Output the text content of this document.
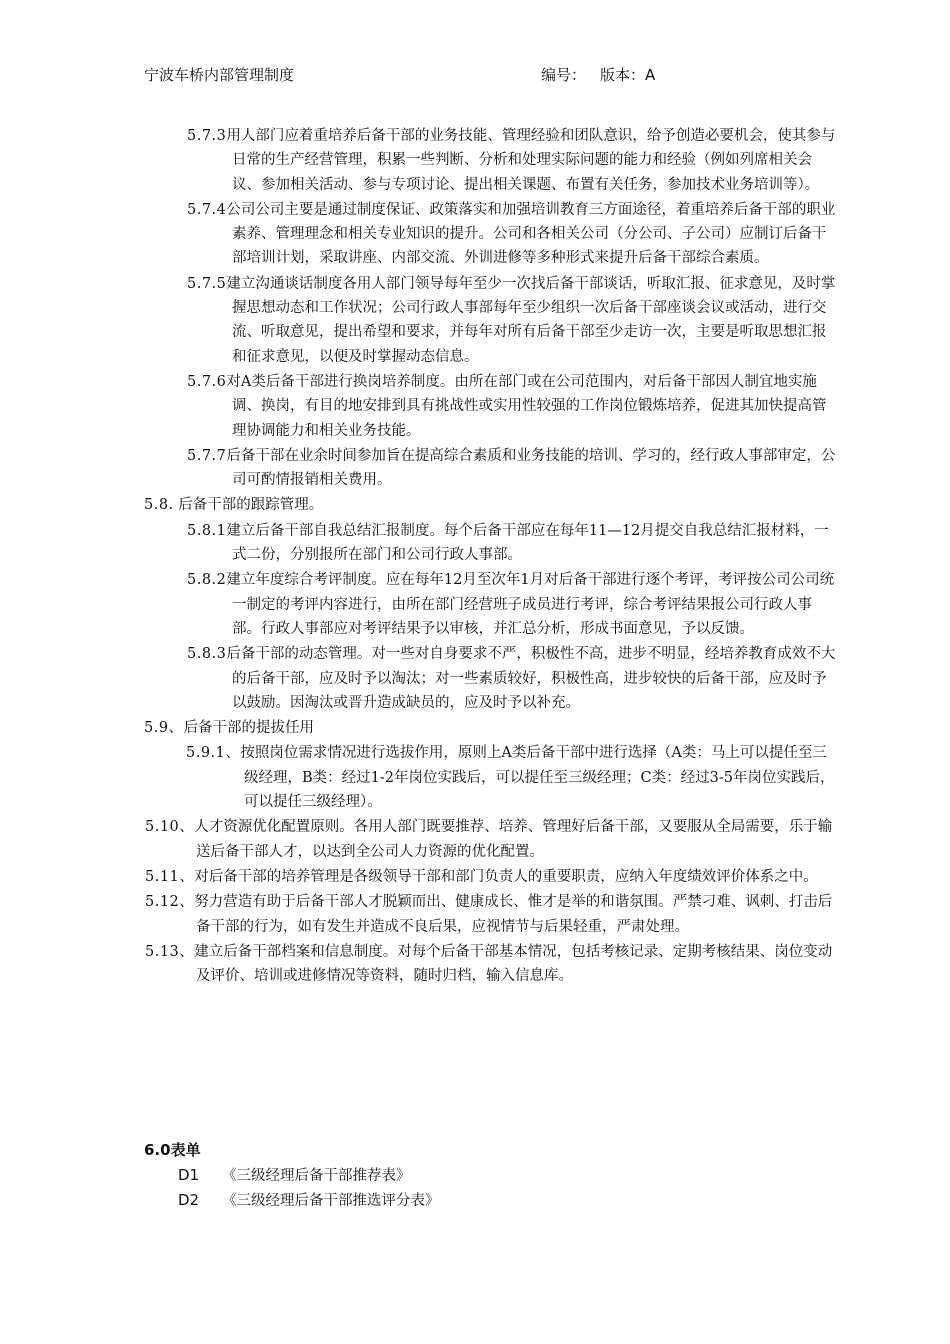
宁波车桥内部管理制度	编号： 版本：A
5.7.3用人部门应着重培养后备干部的业务技能、管理经验和团队意识，给予创造必要机会，使其参与日常的生产经营管理，积累一些判断、分析和处理实际问题的能力和经验（例如列席相关会议、参加相关活动、参与专项讨论、提出相关课题、布置有关任务，参加技术业务培训等）。
5.7.4公司公司主要是通过制度保证、政策落实和加强培训教育三方面途径，着重培养后备干部的职业素养、管理理念和相关专业知识的提升。公司和各相关公司（分公司、子公司）应制订后备干部培训计划，采取讲座、内部交流、外训进修等多种形式来提升后备干部综合素质。
5.7.5建立沟通谈话制度各用人部门领导每年至少一次找后备干部谈话，听取汇报、征求意见，及时掌握思想动态和工作状况；公司行政人事部每年至少组织一次后备干部座谈会议或活动，进行交流、听取意见，提出希望和要求，并每年对所有后备干部至少走访一次，主要是听取思想汇报和征求意见，以便及时掌握动态信息。
5.7.6对A类后备干部进行换岗培养制度。由所在部门或在公司范围内，对后备干部因人制宜地实施调、换岗，有目的地安排到具有挑战性或实用性较强的工作岗位锻炼培养，促进其加快提高管理协调能力和相关业务技能。
5.7.7后备干部在业余时间参加旨在提高综合素质和业务技能的培训、学习的，经行政人事部审定，公司可酌情报销相关费用。
5.8. 后备干部的跟踪管理。
5.8.1建立后备干部自我总结汇报制度。每个后备干部应在每年11—12月提交自我总结汇报材料，一式二份，分别报所在部门和公司行政人事部。
5.8.2建立年度综合考评制度。应在每年12月至次年1月对后备干部进行逐个考评，考评按公司公司统一制定的考评内容进行，由所在部门经营班子成员进行考评，综合考评结果报公司行政人事部。行政人事部应对考评结果予以审核，并汇总分析，形成书面意见，予以反馈。
5.8.3后备干部的动态管理。对一些对自身要求不严，积极性不高，进步不明显，经培养教育成效不大的后备干部，应及时予以淘汰；对一些素质较好，积极性高，进步较快的后备干部，应及时予以鼓励。因淘汰或晋升造成缺员的，应及时予以补充。
5.9、后备干部的提拔任用
5.9.1、按照岗位需求情况进行选拔作用，原则上A类后备干部中进行选择（A类：马上可以提任至三级经理，B类：经过1-2年岗位实践后，可以提任至三级经理；C类：经过3-5年岗位实践后，可以提任三级经理）。
5.10、人才资源优化配置原则。各用人部门既要推荐、培养、管理好后备干部，又要服从全局需要，乐于输送后备干部人才，以达到全公司人力资源的优化配置。
5.11、对后备干部的培养管理是各级领导干部和部门负责人的重要职责，应纳入年度绩效评价体系之中。
5.12、努力营造有助于后备干部人才脱颖而出、健康成长、惟才是举的和谐氛围。严禁刁难、讽刺、打击后备干部的行为，如有发生并造成不良后果，应视情节与后果轻重，严肃处理。
5.13、建立后备干部档案和信息制度。对每个后备干部基本情况，包括考核记录、定期考核结果、岗位变动及评价、培训或进修情况等资料，随时归档，输入信息库。
6.0表单
D1 《三级经理后备干部推荐表》
D2 《三级经理后备干部推选评分表》
